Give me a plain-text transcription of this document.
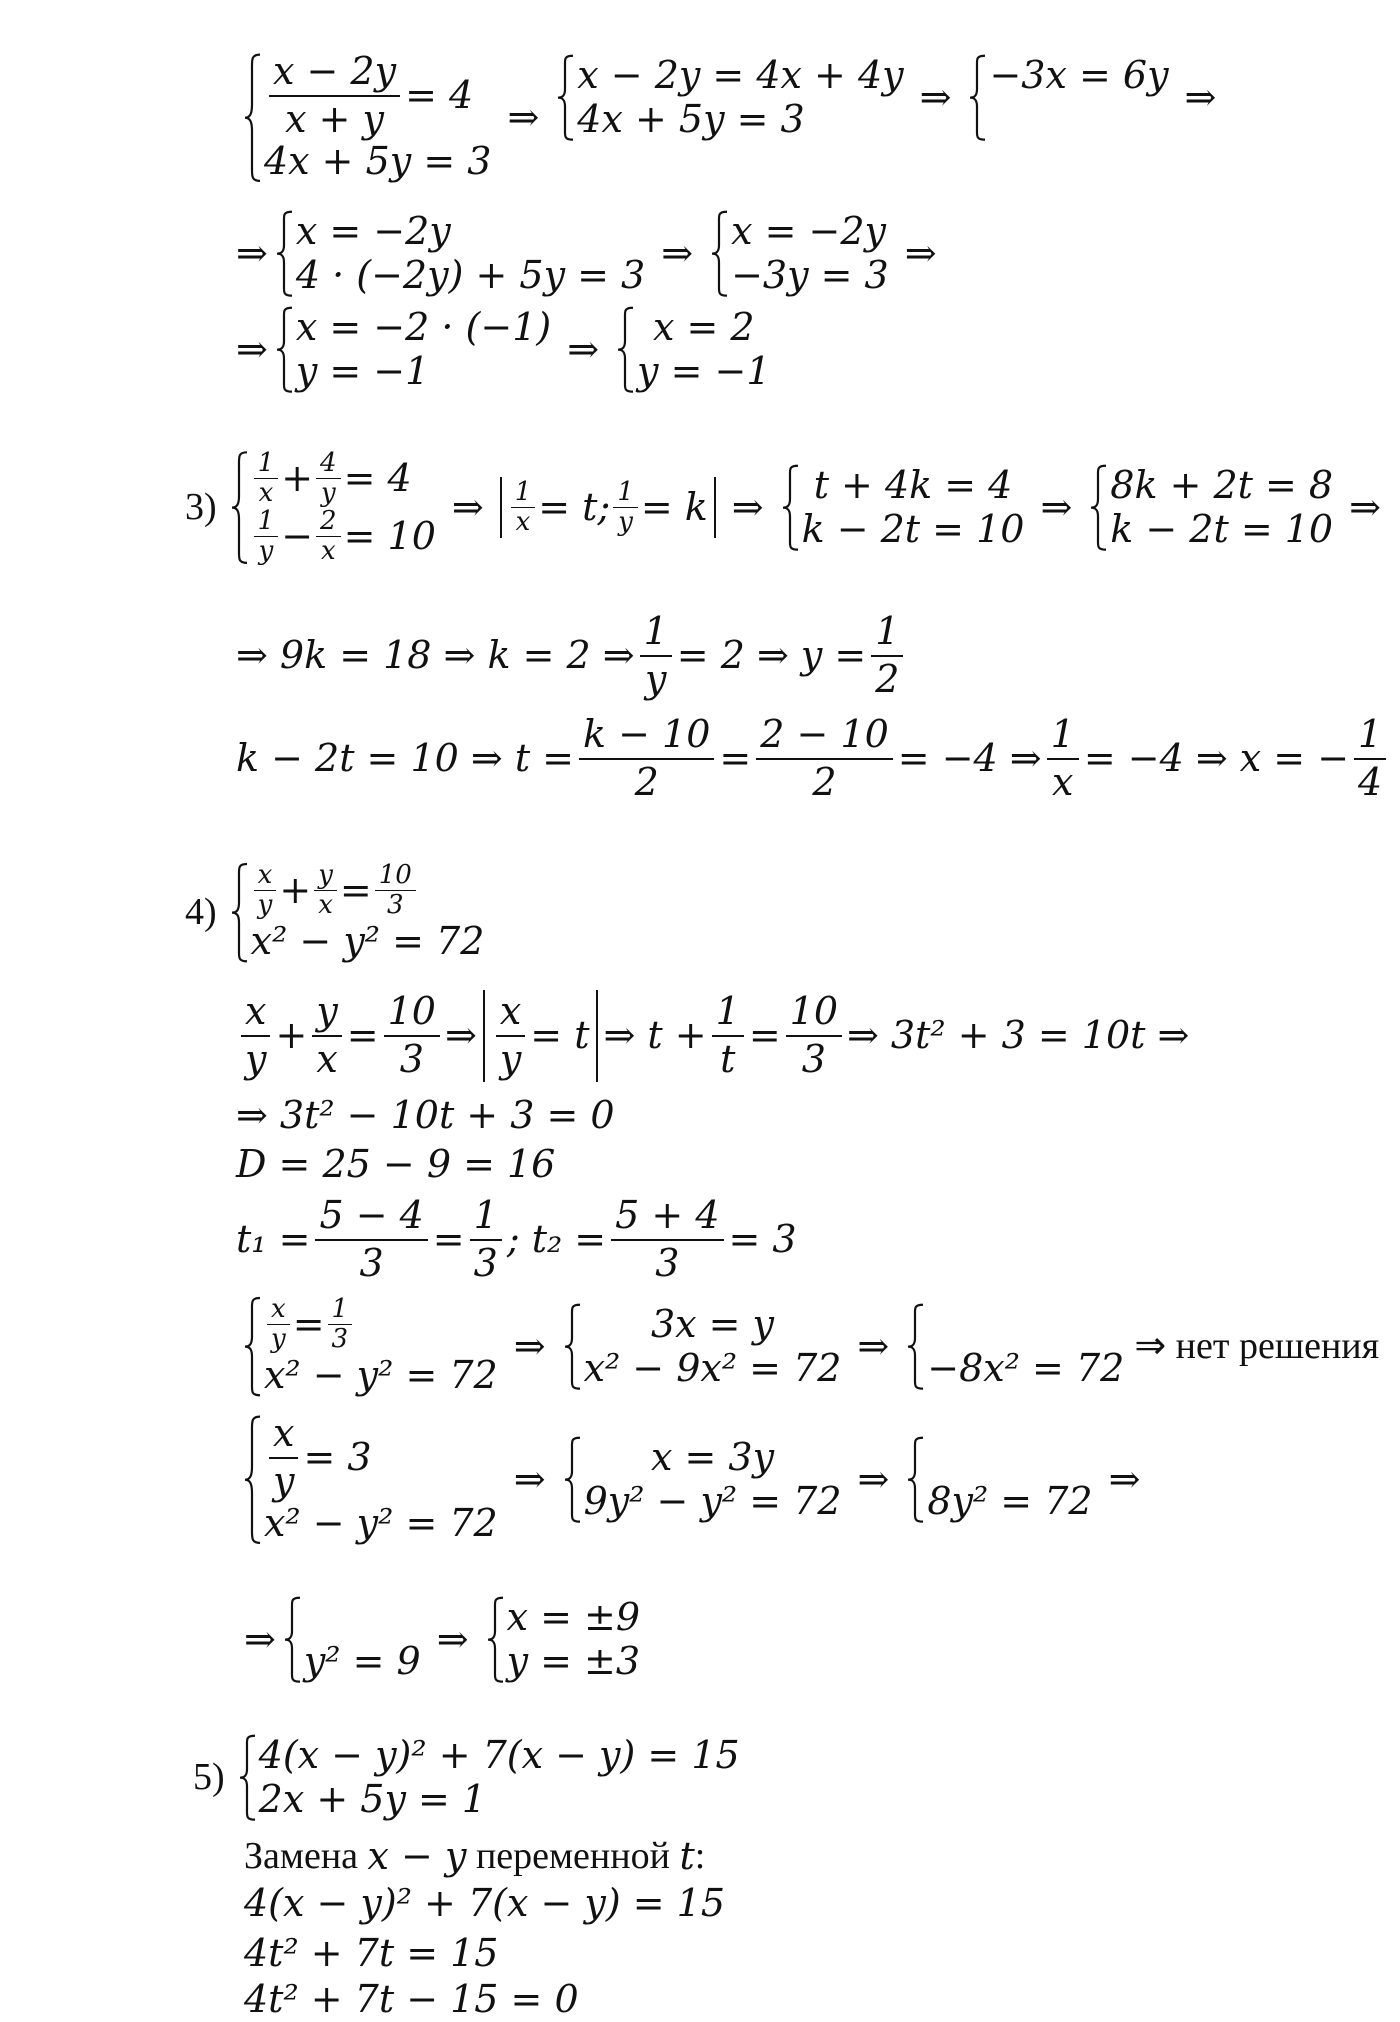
$\frac{x - 2y}{x + y} = 4$
4x + 5y = 3
⇒
x − 2y = 4x + 4y
4x + 5y = 3	⇒ −3x = 6y
⇒
⇒ x = −2y
4 · (−2y) + 5y = 3 ⇒ x = −2y
−3y = 3 ⇒
⇒ x = −2 · (−1)
y = −1	⇒	x = 2
y = −1
$3) \frac{1}{x} + \frac{4}{y} = 4$
$\frac{1}{y} - \frac{2}{x} = 10$
⇒ $\frac{1}{x} = t$; $\frac{1}{y} = k$ ⇒	t + 4k = 4
k − 2t = 10 ⇒ 8k + 2t = 8
k − 2t = 10 ⇒
⇒ 9k = 18 ⇒ k = 2 ⇒ $\frac{1}{y} = 2$ ⇒ $y = \frac{1}{2}$
k − 2t = 10 ⇒ $t = \frac{k - 10}{2} = \frac{2 - 10}{2} = -4$ ⇒ $\frac{1}{x} = -4$ ⇒ x = − $\frac{1}{4}$
$4) \frac{x}{y} + \frac{y}{x} = \frac{10}{3}$
x² − y² = 72
$\frac{x}{y} + \frac{y}{x} = \frac{10}{3}$ ⇒ $\frac{x}{y}$ =
t ⇒ $t + \frac{1}{t} = \frac{10}{3}$ ⇒ 3t² + 3 = 10t ⇒
⇒ 3t² − 10t + 3 = 0
D = 25 − 9 = 16
$t_1 = \frac{5 - 4}{3} = \frac{1}{3}$ ; $t_2 = \frac{5 + 4}{3} = 3$
$\frac{x}{y} = \frac{1}{3}$
x² − y² = 72
⇒	3x = y
x² − 9x² = 72 ⇒
−8x² = 72 ⇒ нет решения
$\frac{x}{y} = 3$
x² − y² = 72
⇒	x = 3y
9y² − y² = 72 ⇒
8y² = 72 ⇒
⇒
y² = 9 ⇒ x = ±9
y = ±3
5) 4(x − y)² + 7(x − y) = 15
2x + 5y = 1
Замена
x − y
переменной
t :
4(x − y)² + 7(x − y) = 15
4t² + 7t = 15
4t² + 7t − 15 = 0
